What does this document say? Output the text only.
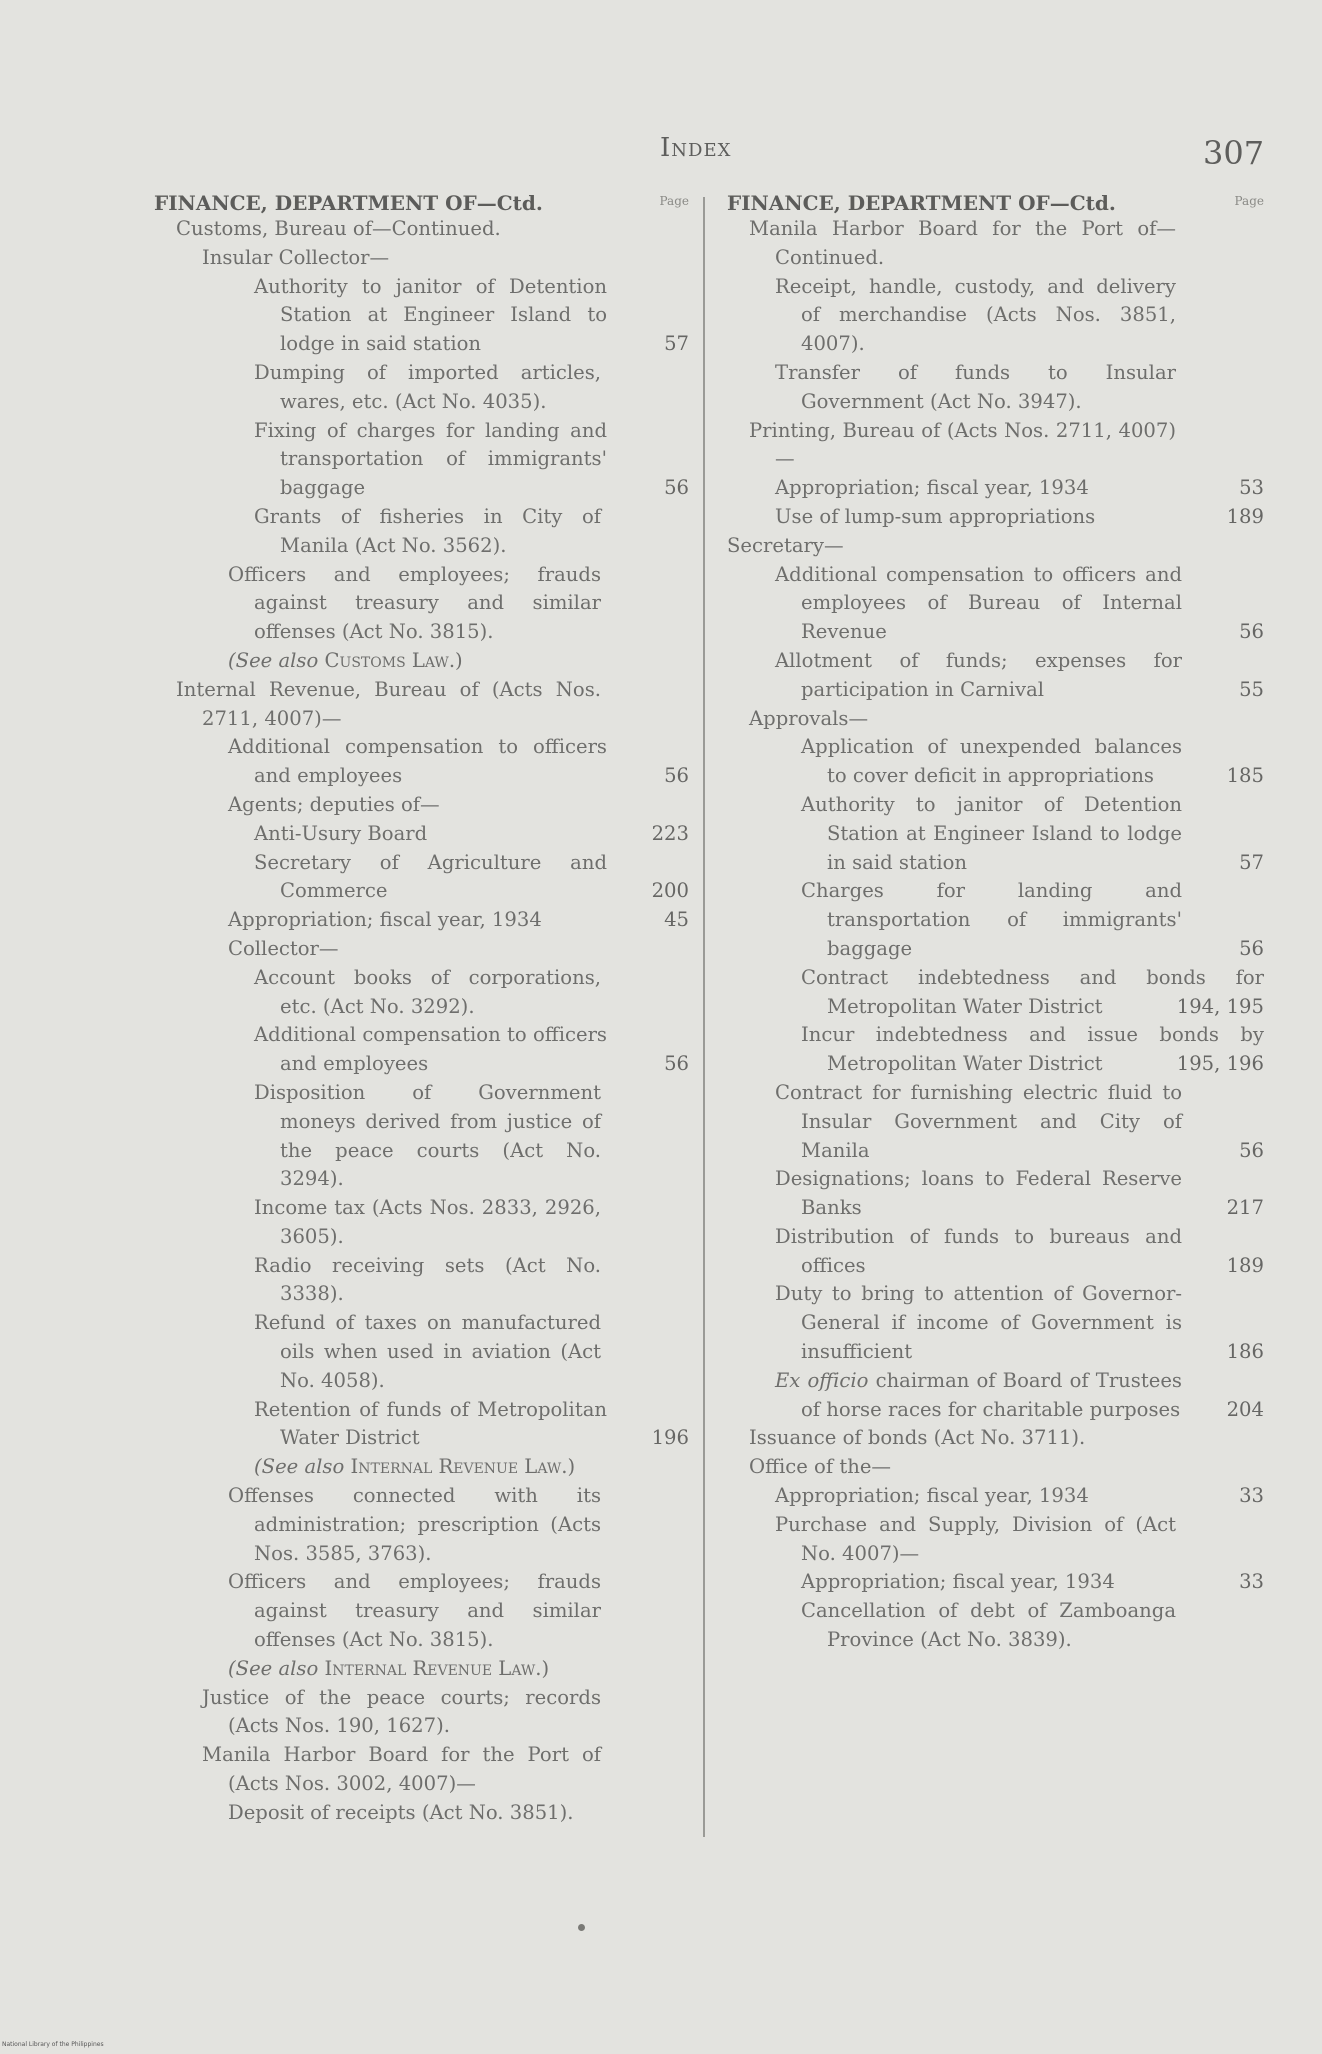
Index	307
FINANCE, DEPARTMENT OF—Ctd.	Page
Customs, Bureau of—Continued.
Insular Collector—
Authority to janitor of Detention Station at Engineer Island to lodge in said station	57
Dumping of imported articles, wares, etc. (Act No. 4035).
Fixing of charges for landing and transportation of immigrants' baggage	56
Grants of fisheries in City of Manila (Act No. 3562).
Officers and employees; frauds against treasury and similar offenses (Act No. 3815).
(See also Customs Law.)
Internal Revenue, Bureau of (Acts Nos. 2711, 4007)—
Additional compensation to officers and employees	56
Agents; deputies of—
Anti-Usury Board	223
Secretary of Agriculture and Commerce	200
Appropriation; fiscal year, 1934	45
Collector—
Account books of corporations, etc. (Act No. 3292).
Additional compensation to officers and employees	56
Disposition of Government moneys derived from justice of the peace courts (Act No. 3294).
Income tax (Acts Nos. 2833, 2926, 3605).
Radio receiving sets (Act No. 3338).
Refund of taxes on manufactured oils when used in aviation (Act No. 4058).
Retention of funds of Metropolitan Water District	196
(See also Internal Revenue Law.)
Offenses connected with its administration; prescription (Acts Nos. 3585, 3763).
Officers and employees; frauds against treasury and similar offenses (Act No. 3815).
(See also Internal Revenue Law.)
Justice of the peace courts; records (Acts Nos. 190, 1627).
Manila Harbor Board for the Port of (Acts Nos. 3002, 4007)—
Deposit of receipts (Act No. 3851).
FINANCE, DEPARTMENT OF—Ctd.	Page
Manila Harbor Board for the Port of—Continued.
Receipt, handle, custody, and delivery of merchandise (Acts Nos. 3851, 4007).
Transfer of funds to Insular Government (Act No. 3947).
Printing, Bureau of (Acts Nos. 2711, 4007)—
Appropriation; fiscal year, 1934	53
Use of lump-sum appropriations	189
Secretary—
Additional compensation to officers and employees of Bureau of Internal Revenue	56
Allotment of funds; expenses for participation in Carnival	55
Approvals—
Application of unexpended balances to cover deficit in appropriations	185
Authority to janitor of Detention Station at Engineer Island to lodge in said station	57
Charges for landing and transportation of immigrants' baggage	56
Contract indebtedness and bonds for Metropolitan Water District	194, 195
Incur indebtedness and issue bonds by Metropolitan Water District	195, 196
Contract for furnishing electric fluid to Insular Government and City of Manila	56
Designations; loans to Federal Reserve Banks	217
Distribution of funds to bureaus and offices	189
Duty to bring to attention of Governor-General if income of Government is insufficient	186
Ex officio chairman of Board of Trustees of horse races for charitable purposes 204
Issuance of bonds (Act No. 3711).
Office of the—
Appropriation; fiscal year, 1934	33
Purchase and Supply, Division of (Act No. 4007)—
Appropriation; fiscal year, 1934	33
Cancellation of debt of Zamboanga Province (Act No. 3839).
National Library of the Philippines
